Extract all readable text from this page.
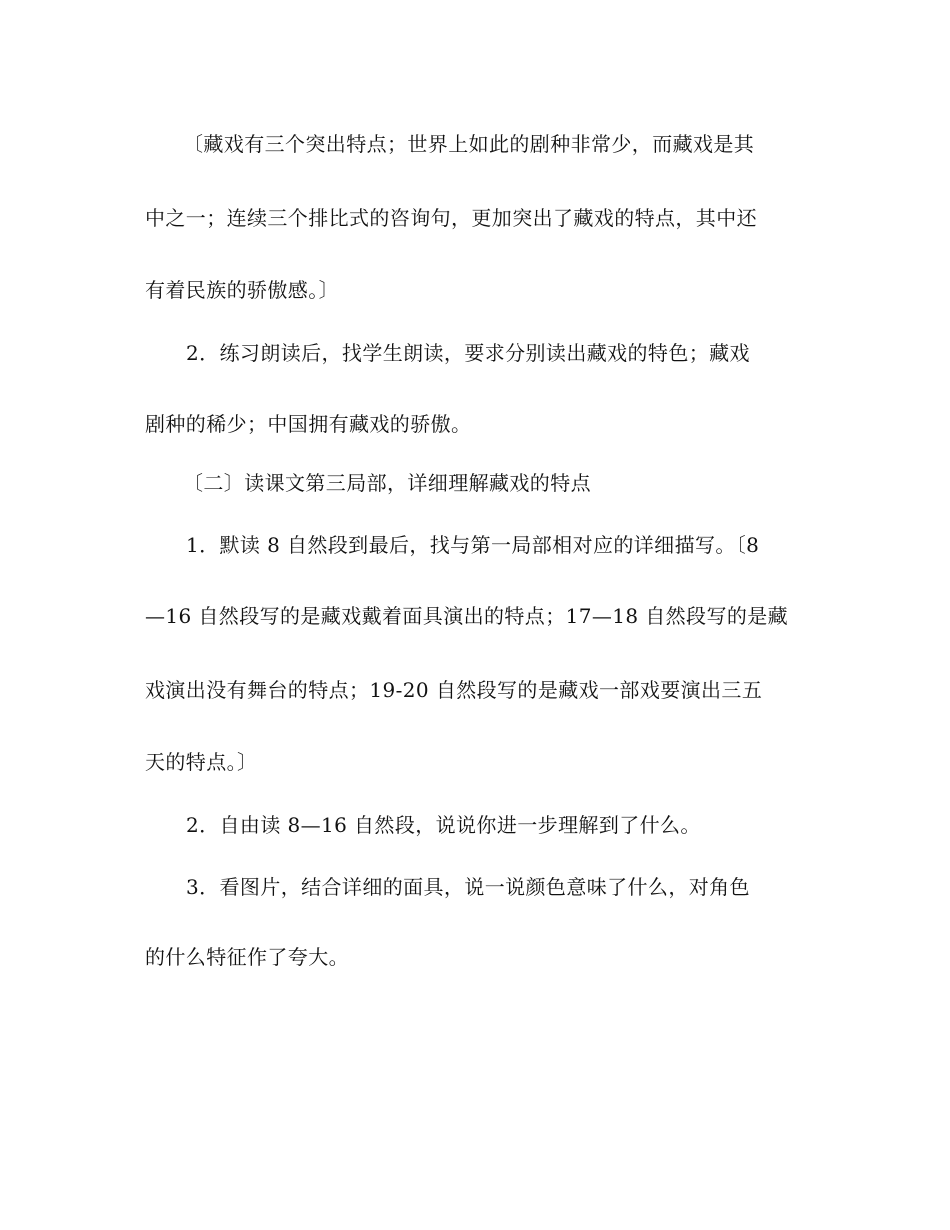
〔藏戏有三个突出特点；世界上如此的剧种非常少，而藏戏是其
中之一；连续三个排比式的咨询句，更加突出了藏戏的特点，其中还
有着民族的骄傲感。〕
2．练习朗读后，找学生朗读，要求分别读出藏戏的特色；藏戏
剧种的稀少；中国拥有藏戏的骄傲。
〔二〕读课文第三局部，详细理解藏戏的特点
1．默读 8 自然段到最后，找与第一局部相对应的详细描写。〔8
—16 自然段写的是藏戏戴着面具演出的特点；17—18 自然段写的是藏
戏演出没有舞台的特点；19-20 自然段写的是藏戏一部戏要演出三五
天的特点。〕
2．自由读 8—16 自然段，说说你进一步理解到了什么。
3．看图片，结合详细的面具，说一说颜色意味了什么，对角色
的什么特征作了夸大。
